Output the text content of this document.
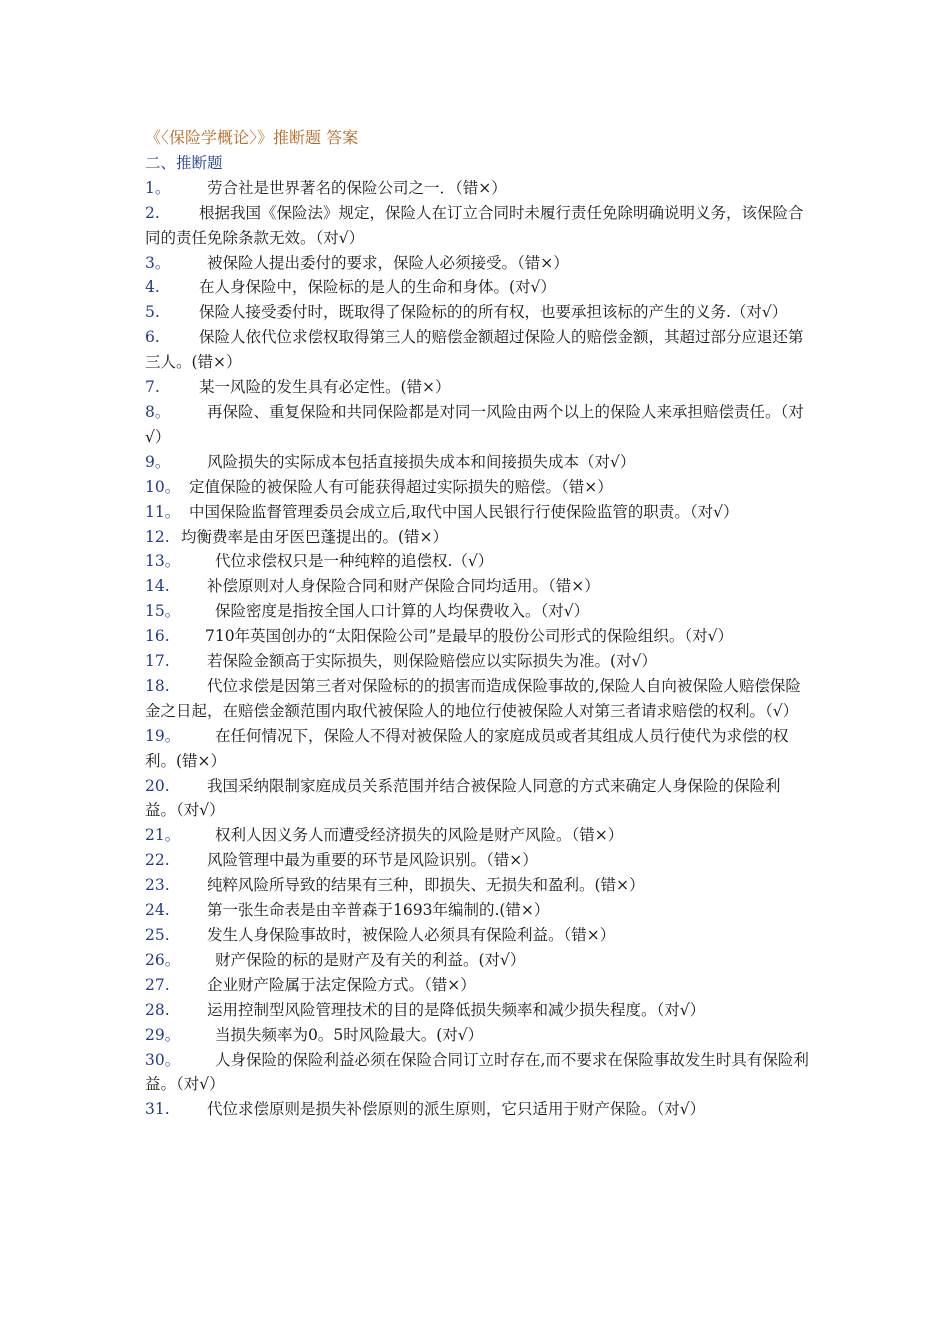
《〈保险学概论〉》推断题 答案
二、推断题
1。 劳合社是世界著名的保险公司之一．（错×）
2.	根据我国《保险法》规定，保险人在订立合同时未履行责任免除明确说明义务，该保险合同的责任免除条款无效。（对√）
3。 被保险人提出委付的要求，保险人必须接受。（错×）
4.	在人身保险中，保险标的是人的生命和身体。(对√）
5.	保险人接受委付时，既取得了保险标的的所有权，也要承担该标的产生的义务.（对√）
6.	保险人依代位求偿权取得第三人的赔偿金额超过保险人的赔偿金额，其超过部分应退还第三人。(错×）
7.	某一风险的发生具有必定性。(错×）
8。 再保险、重复保险和共同保险都是对同一风险由两个以上的保险人来承担赔偿责任。（对√）
9。 风险损失的实际成本包括直接损失成本和间接损失成本（对√）
10。 定值保险的被保险人有可能获得超过实际损失的赔偿。（错×）
11。 中国保险监督管理委员会成立后,取代中国人民银行行使保险监管的职责。（对√）
12. 均衡费率是由牙医巴蓬提出的。(错×）
13。 代位求偿权只是一种纯粹的追偿权.（√）
14. 补偿原则对人身保险合同和财产保险合同均适用。（错×）
15。 保险密度是指按全国人口计算的人均保费收入。（对√）
16. 710年英国创办的“太阳保险公司”是最早的股份公司形式的保险组织。（对√）
17. 若保险金额高于实际损失，则保险赔偿应以实际损失为准。(对√）
18. 代位求偿是因第三者对保险标的的损害而造成保险事故的,保险人自向被保险人赔偿保险金之日起，在赔偿金额范围内取代被保险人的地位行使被保险人对第三者请求赔偿的权利。（√）
19。 在任何情况下，保险人不得对被保险人的家庭成员或者其组成人员行使代为求偿的权利。(错×）
20. 我国采纳限制家庭成员关系范围并结合被保险人同意的方式来确定人身保险的保险利益。（对√）
21。 权利人因义务人而遭受经济损失的风险是财产风险。（错×）
22. 风险管理中最为重要的环节是风险识别。（错×）
23. 纯粹风险所导致的结果有三种，即损失、无损失和盈利。(错×）
24. 第一张生命表是由辛普森于1693年编制的.(错×）
25. 发生人身保险事故时，被保险人必须具有保险利益。（错×）
26。 财产保险的标的是财产及有关的利益。(对√）
27. 企业财产险属于法定保险方式。（错×）
28. 运用控制型风险管理技术的目的是降低损失频率和减少损失程度。（对√）
29。 当损失频率为0。5时风险最大。(对√）
30。 人身保险的保险利益必须在保险合同订立时存在,而不要求在保险事故发生时具有保险利益。（对√）
31. 代位求偿原则是损失补偿原则的派生原则，它只适用于财产保险。（对√）
